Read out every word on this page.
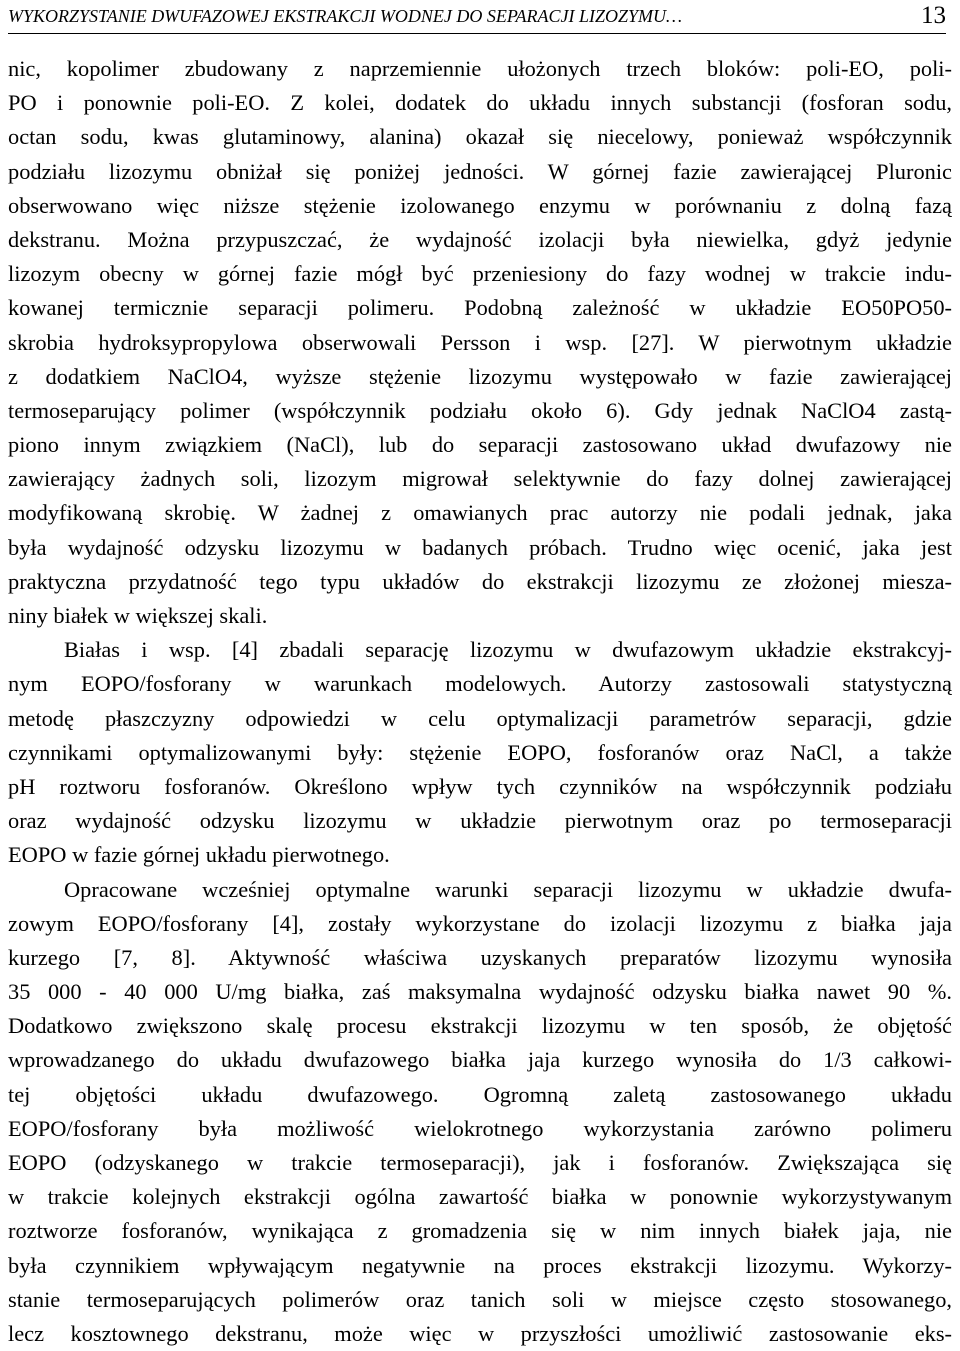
WYKORZYSTANIE DWUFAZOWEJ EKSTRAKCJI WODNEJ DO SEPARACJI LIZOZYMU…	13
nic, kopolimer zbudowany z naprzemiennie ułożonych trzech bloków: poli-EO, poli-
PO i ponownie poli-EO. Z kolei, dodatek do układu innych substancji (fosforan sodu,
octan sodu, kwas glutaminowy, alanina) okazał się niecelowy, ponieważ współczynnik
podziału lizozymu obniżał się poniżej jedności. W górnej fazie zawierającej Pluronic
obserwowano więc niższe stężenie izolowanego enzymu w porównaniu z dolną fazą
dekstranu. Można przypuszczać, że wydajność izolacji była niewielka, gdyż jedynie
lizozym obecny w górnej fazie mógł być przeniesiony do fazy wodnej w trakcie indu-
kowanej termicznie separacji polimeru. Podobną zależność w układzie EO50PO50-
skrobia hydroksypropylowa obserwowali Persson i wsp. [27]. W pierwotnym układzie
z dodatkiem NaClO4, wyższe stężenie lizozymu występowało w fazie zawierającej
termoseparujący polimer (współczynnik podziału około 6). Gdy jednak NaClO4 zastą-
piono innym związkiem (NaCl), lub do separacji zastosowano układ dwufazowy nie
zawierający żadnych soli, lizozym migrował selektywnie do fazy dolnej zawierającej
modyfikowaną skrobię. W żadnej z omawianych prac autorzy nie podali jednak, jaka
była wydajność odzysku lizozymu w badanych próbach. Trudno więc ocenić, jaka jest
praktyczna przydatność tego typu układów do ekstrakcji lizozymu ze złożonej miesza-
niny białek w większej skali.
Białas i wsp. [4] zbadali separację lizozymu w dwufazowym układzie ekstrakcyj-
nym EOPO/fosforany w warunkach modelowych. Autorzy zastosowali statystyczną
metodę płaszczyzny odpowiedzi w celu optymalizacji parametrów separacji, gdzie
czynnikami optymalizowanymi były: stężenie EOPO, fosforanów oraz NaCl, a także
pH roztworu fosforanów. Określono wpływ tych czynników na współczynnik podziału
oraz wydajność odzysku lizozymu w układzie pierwotnym oraz po termoseparacji
EOPO w fazie górnej układu pierwotnego.
Opracowane wcześniej optymalne warunki separacji lizozymu w układzie dwufa-
zowym EOPO/fosforany [4], zostały wykorzystane do izolacji lizozymu z białka jaja
kurzego [7, 8]. Aktywność właściwa uzyskanych preparatów lizozymu wynosiła
35 000 - 40 000 U/mg białka, zaś maksymalna wydajność odzysku białka nawet 90 %.
Dodatkowo zwiększono skalę procesu ekstrakcji lizozymu w ten sposób, że objętość
wprowadzanego do układu dwufazowego białka jaja kurzego wynosiła do 1/3 całkowi-
tej objętości układu dwufazowego. Ogromną zaletą zastosowanego układu
EOPO/fosforany była możliwość wielokrotnego wykorzystania zarówno polimeru
EOPO (odzyskanego w trakcie termoseparacji), jak i fosforanów. Zwiększająca się
w trakcie kolejnych ekstrakcji ogólna zawartość białka w ponownie wykorzystywanym
roztworze fosforanów, wynikająca z gromadzenia się w nim innych białek jaja, nie
była czynnikiem wpływającym negatywnie na proces ekstrakcji lizozymu. Wykorzy-
stanie termoseparujących polimerów oraz tanich soli w miejsce często stosowanego,
lecz kosztownego dekstranu, może więc w przyszłości umożliwić zastosowanie eks-
